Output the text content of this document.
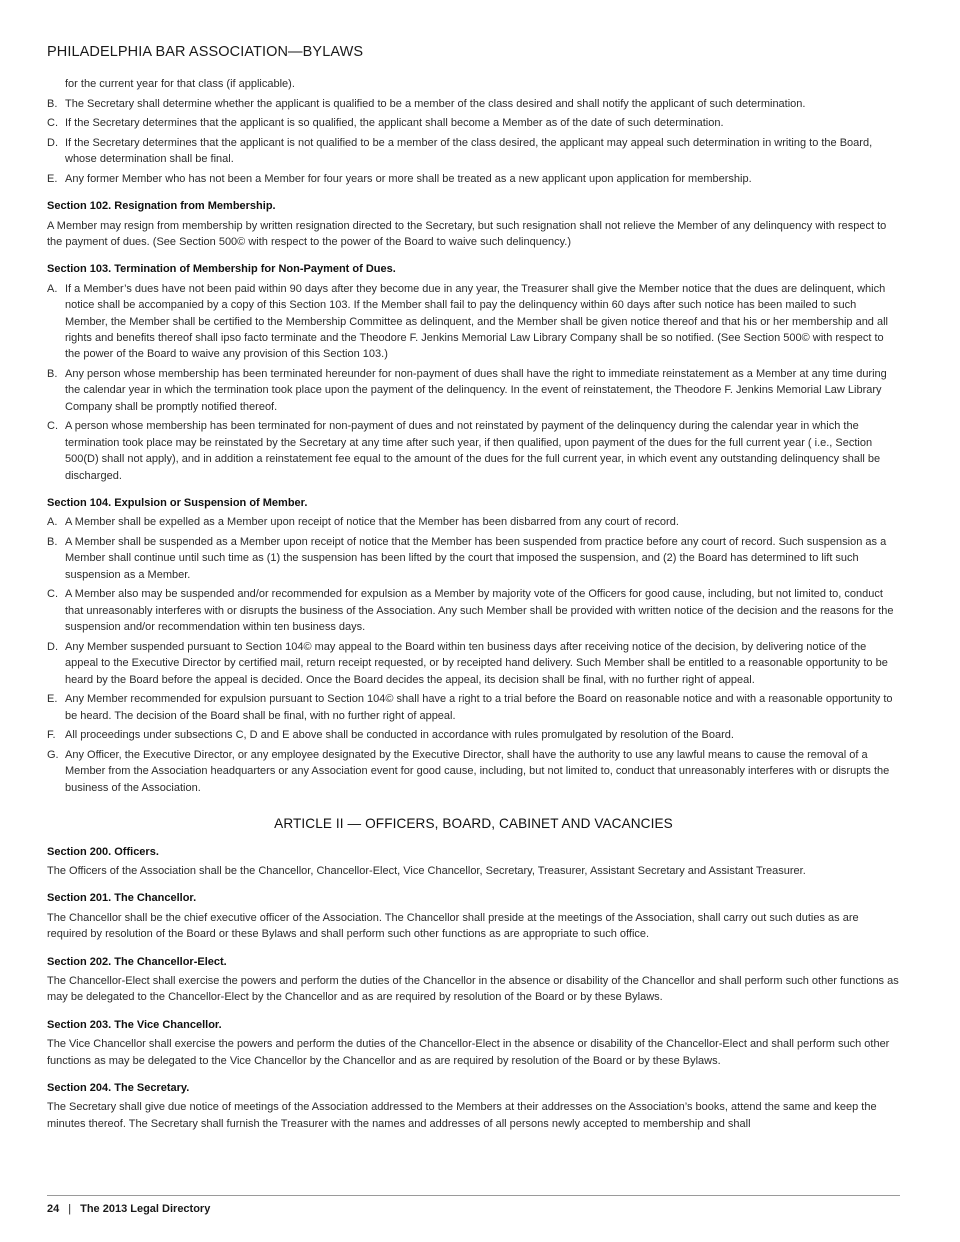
PHILADELPHIA BAR ASSOCIATION—BYLAWS
for the current year for that class (if applicable).
B. The Secretary shall determine whether the applicant is qualified to be a member of the class desired and shall notify the applicant of such determination.
C. If the Secretary determines that the applicant is so qualified, the applicant shall become a Member as of the date of such determination.
D. If the Secretary determines that the applicant is not qualified to be a member of the class desired, the applicant may appeal such determination in writing to the Board, whose determination shall be final.
E. Any former Member who has not been a Member for four years or more shall be treated as a new applicant upon application for membership.
Section 102. Resignation from Membership.
A Member may resign from membership by written resignation directed to the Secretary, but such resignation shall not relieve the Member of any delinquency with respect to the payment of dues. (See Section 500© with respect to the power of the Board to waive such delinquency.)
Section 103. Termination of Membership for Non-Payment of Dues.
A. If a Member’s dues have not been paid within 90 days after they become due in any year, the Treasurer shall give the Member notice that the dues are delinquent, which notice shall be accompanied by a copy of this Section 103. If the Member shall fail to pay the delinquency within 60 days after such notice has been mailed to such Member, the Member shall be certified to the Membership Committee as delinquent, and the Member shall be given notice thereof and that his or her membership and all rights and benefits thereof shall ipso facto terminate and the Theodore F. Jenkins Memorial Law Library Company shall be so notified. (See Section 500© with respect to the power of the Board to waive any provision of this Section 103.)
B. Any person whose membership has been terminated hereunder for non-payment of dues shall have the right to immediate reinstatement as a Member at any time during the calendar year in which the termination took place upon the payment of the delinquency. In the event of reinstatement, the Theodore F. Jenkins Memorial Law Library Company shall be promptly notified thereof.
C. A person whose membership has been terminated for non-payment of dues and not reinstated by payment of the delinquency during the calendar year in which the termination took place may be reinstated by the Secretary at any time after such year, if then qualified, upon payment of the dues for the full current year ( i.e., Section 500(D) shall not apply), and in addition a reinstatement fee equal to the amount of the dues for the full current year, in which event any outstanding delinquency shall be discharged.
Section 104. Expulsion or Suspension of Member.
A. A Member shall be expelled as a Member upon receipt of notice that the Member has been disbarred from any court of record.
B. A Member shall be suspended as a Member upon receipt of notice that the Member has been suspended from practice before any court of record. Such suspension as a Member shall continue until such time as (1) the suspension has been lifted by the court that imposed the suspension, and (2) the Board has determined to lift such suspension as a Member.
C. A Member also may be suspended and/or recommended for expulsion as a Member by majority vote of the Officers for good cause, including, but not limited to, conduct that unreasonably interferes with or disrupts the business of the Association. Any such Member shall be provided with written notice of the decision and the reasons for the suspension and/or recommendation within ten business days.
D. Any Member suspended pursuant to Section 104© may appeal to the Board within ten business days after receiving notice of the decision, by delivering notice of the appeal to the Executive Director by certified mail, return receipt requested, or by receipted hand delivery. Such Member shall be entitled to a reasonable opportunity to be heard by the Board before the appeal is decided. Once the Board decides the appeal, its decision shall be final, with no further right of appeal.
E. Any Member recommended for expulsion pursuant to Section 104© shall have a right to a trial before the Board on reasonable notice and with a reasonable opportunity to be heard. The decision of the Board shall be final, with no further right of appeal.
F. All proceedings under subsections C, D and E above shall be conducted in accordance with rules promulgated by resolution of the Board.
G. Any Officer, the Executive Director, or any employee designated by the Executive Director, shall have the authority to use any lawful means to cause the removal of a Member from the Association headquarters or any Association event for good cause, including, but not limited to, conduct that unreasonably interferes with or disrupts the business of the Association.
ARTICLE II — OFFICERS, BOARD, CABINET AND VACANCIES
Section 200. Officers.
The Officers of the Association shall be the Chancellor, Chancellor-Elect, Vice Chancellor, Secretary, Treasurer, Assistant Secretary and Assistant Treasurer.
Section 201. The Chancellor.
The Chancellor shall be the chief executive officer of the Association. The Chancellor shall preside at the meetings of the Association, shall carry out such duties as are required by resolution of the Board or these Bylaws and shall perform such other functions as are appropriate to such office.
Section 202. The Chancellor-Elect.
The Chancellor-Elect shall exercise the powers and perform the duties of the Chancellor in the absence or disability of the Chancellor and shall perform such other functions as may be delegated to the Chancellor-Elect by the Chancellor and as are required by resolution of the Board or by these Bylaws.
Section 203. The Vice Chancellor.
The Vice Chancellor shall exercise the powers and perform the duties of the Chancellor-Elect in the absence or disability of the Chancellor-Elect and shall perform such other functions as may be delegated to the Vice Chancellor by the Chancellor and as are required by resolution of the Board or by these Bylaws.
Section 204. The Secretary.
The Secretary shall give due notice of meetings of the Association addressed to the Members at their addresses on the Association’s books, attend the same and keep the minutes thereof. The Secretary shall furnish the Treasurer with the names and addresses of all persons newly accepted to membership and shall
24 | The 2013 Legal Directory
